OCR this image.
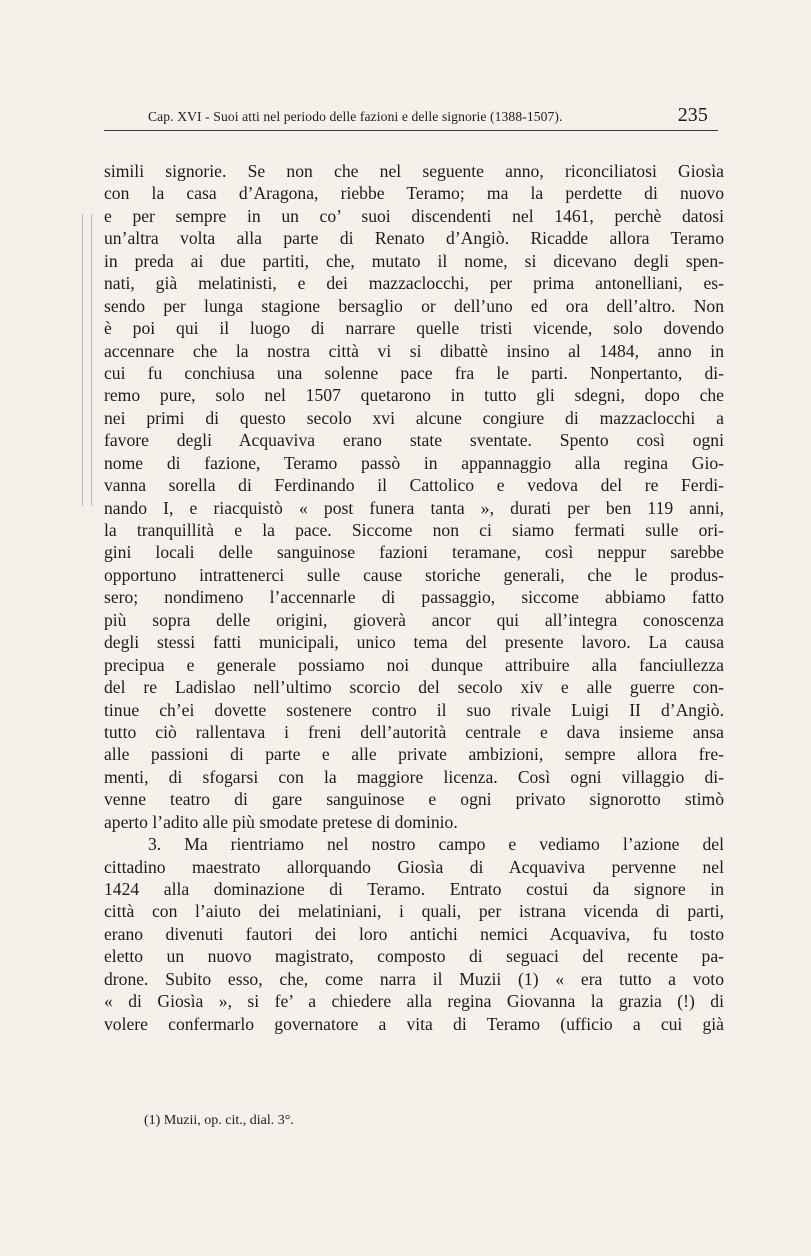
Cap. XVI - Suoi atti nel periodo delle fazioni e delle signorie (1388-1507).	235
simili signorie. Se non che nel seguente anno, riconciliatosi Giosìa
con la casa d’Aragona, riebbe Teramo; ma la perdette di nuovo
e per sempre in un co’ suoi discendenti nel 1461, perchè datosi
un’altra volta alla parte di Renato d’Angiò. Ricadde allora Teramo
in preda ai due partiti, che, mutato il nome, si dicevano degli spen-
nati, già melatinisti, e dei mazzaclocchi, per prima antonelliani, es-
sendo per lunga stagione bersaglio or dell’uno ed ora dell’altro. Non
è poi qui il luogo di narrare quelle tristi vicende, solo dovendo
accennare che la nostra città vi si dibattè insino al 1484, anno in
cui fu conchiusa una solenne pace fra le parti. Nonpertanto, di-
remo pure, solo nel 1507 quetarono in tutto gli sdegni, dopo che
nei primi di questo secolo xvi alcune congiure di mazzaclocchi a
favore degli Acquaviva erano state sventate. Spento così ogni
nome di fazione, Teramo passò in appannaggio alla regina Gio-
vanna sorella di Ferdinando il Cattolico e vedova del re Ferdi-
nando I, e riacquistò « post funera tanta », durati per ben 119 anni,
la tranquillità e la pace. Siccome non ci siamo fermati sulle ori-
gini locali delle sanguinose fazioni teramane, così neppur sarebbe
opportuno intrattenerci sulle cause storiche generali, che le produs-
sero; nondimeno l’accennarle di passaggio, siccome abbiamo fatto
più sopra delle origini, gioverà ancor qui all’integra conoscenza
degli stessi fatti municipali, unico tema del presente lavoro. La causa
precipua e generale possiamo noi dunque attribuire alla fanciullezza
del re Ladislao nell’ultimo scorcio del secolo xiv e alle guerre con-
tinue ch’ei dovette sostenere contro il suo rivale Luigi II d’Angiò.
tutto ciò rallentava i freni dell’autorità centrale e dava insieme ansa
alle passioni di parte e alle private ambizioni, sempre allora fre-
menti, di sfogarsi con la maggiore licenza. Così ogni villaggio di-
venne teatro di gare sanguinose e ogni privato signorotto stimò
aperto l’adito alle più smodate pretese di dominio.
3. Ma rientriamo nel nostro campo e vediamo l’azione del
cittadino maestrato allorquando Giosìa di Acquaviva pervenne nel
1424 alla dominazione di Teramo. Entrato costui da signore in
città con l’aiuto dei melatiniani, i quali, per istrana vicenda di parti,
erano divenuti fautori dei loro antichi nemici Acquaviva, fu tosto
eletto un nuovo magistrato, composto di seguaci del recente pa-
drone. Subito esso, che, come narra il Muzii (1) « era tutto a voto
« di Giosìa », si fe’ a chiedere alla regina Giovanna la grazia (!) di
volere confermarlo governatore a vita di Teramo (ufficio a cui già
(1) Muzii, op. cit., dial. 3°.
